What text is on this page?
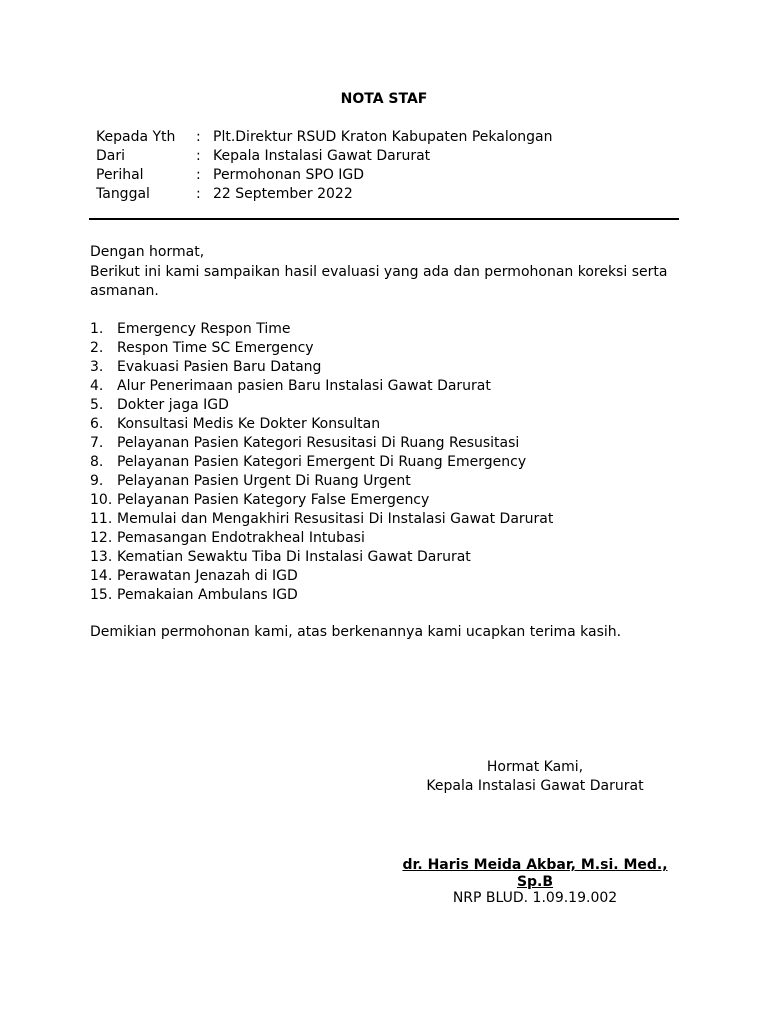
NOTA STAF
Kepada Yth	: Plt.Direktur RSUD Kraton Kabupaten Pekalongan
Dari	: Kepala Instalasi Gawat Darurat
Perihal	: Permohonan SPO IGD
Tanggal	: 22 September 2022
Dengan hormat,
Berikut ini kami sampaikan hasil evaluasi yang ada dan permohonan koreksi serta asmanan.
1. Emergency Respon Time
2. Respon Time SC Emergency
3. Evakuasi Pasien Baru Datang
4. Alur Penerimaan pasien Baru Instalasi Gawat Darurat
5. Dokter jaga IGD
6. Konsultasi Medis Ke Dokter Konsultan
7. Pelayanan Pasien Kategori Resusitasi Di Ruang Resusitasi
8. Pelayanan Pasien Kategori Emergent Di Ruang Emergency
9. Pelayanan Pasien Urgent Di Ruang Urgent
10. Pelayanan Pasien Kategory False Emergency
11. Memulai dan Mengakhiri Resusitasi Di Instalasi Gawat Darurat
12. Pemasangan Endotrakheal Intubasi
13. Kematian Sewaktu Tiba Di Instalasi Gawat Darurat
14. Perawatan Jenazah di IGD
15. Pemakaian Ambulans IGD
Demikian permohonan kami, atas berkenannya kami ucapkan terima kasih.
Hormat Kami,
Kepala Instalasi Gawat Darurat
dr. Haris Meida Akbar, M.si. Med., Sp.B
NRP BLUD. 1.09.19.002
